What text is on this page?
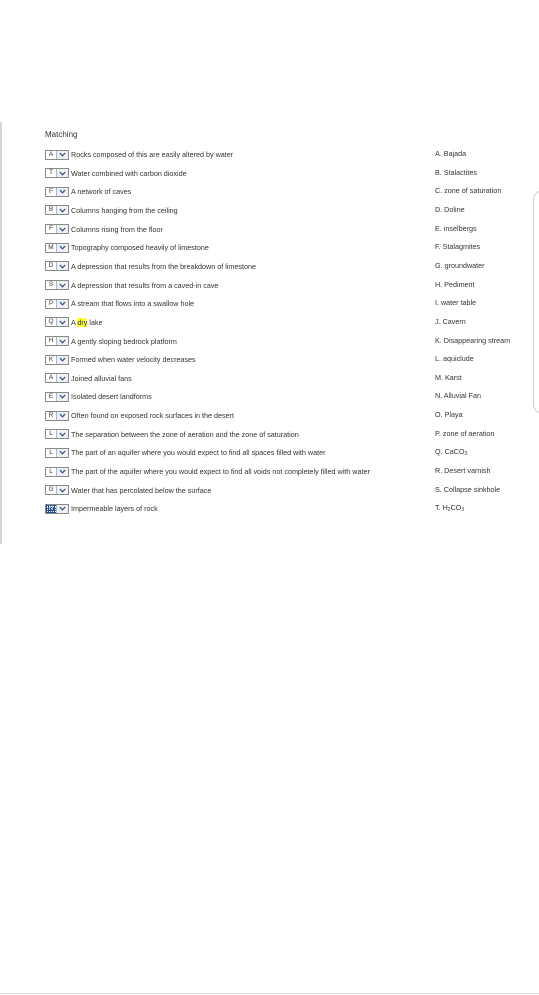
Matching
A	Rocks composed of this are easily altered by water
T	Water combined with carbon dioxide
F	A network of caves
B	Columns hanging from the ceiling
F	Columns rising from the floor
M	Topography composed heavily of limestone
D	A depression that results from the breakdown of limestone
S	A depression that results from a caved-in cave
P	A stream that flows into a swallow hole
Q	A dry lake
H	A gently sloping bedrock platform
K	Formed when water velocity decreases
A	Joined alluvial fans
E	Isolated desert landforms
R	Often found on exposed rock surfaces in the desert
L	The separation between the zone of aeration and the zone of saturation
L	The part of an aquifer where you would expect to find all spaces filled with water
L	The part of the aquifer where you would expect to find all voids not completely filled with water
G	Water that has percolated below the surface
N	Impermeable layers of rock
A. Bajada
B. Stalactites
C. zone of saturation
D. Doline
E. inselbergs
F. Stalagmites
G. groundwater
H. Pediment
I. water table
J. Cavern
K. Disappearing stream
L. aquiclude
M. Karst
N. Alluvial Fan
O. Playa
P. zone of aeration
Q. CaCO$_3$
R. Desert varnish
S. Collapse sinkhole
T. $H_2CO_3$
